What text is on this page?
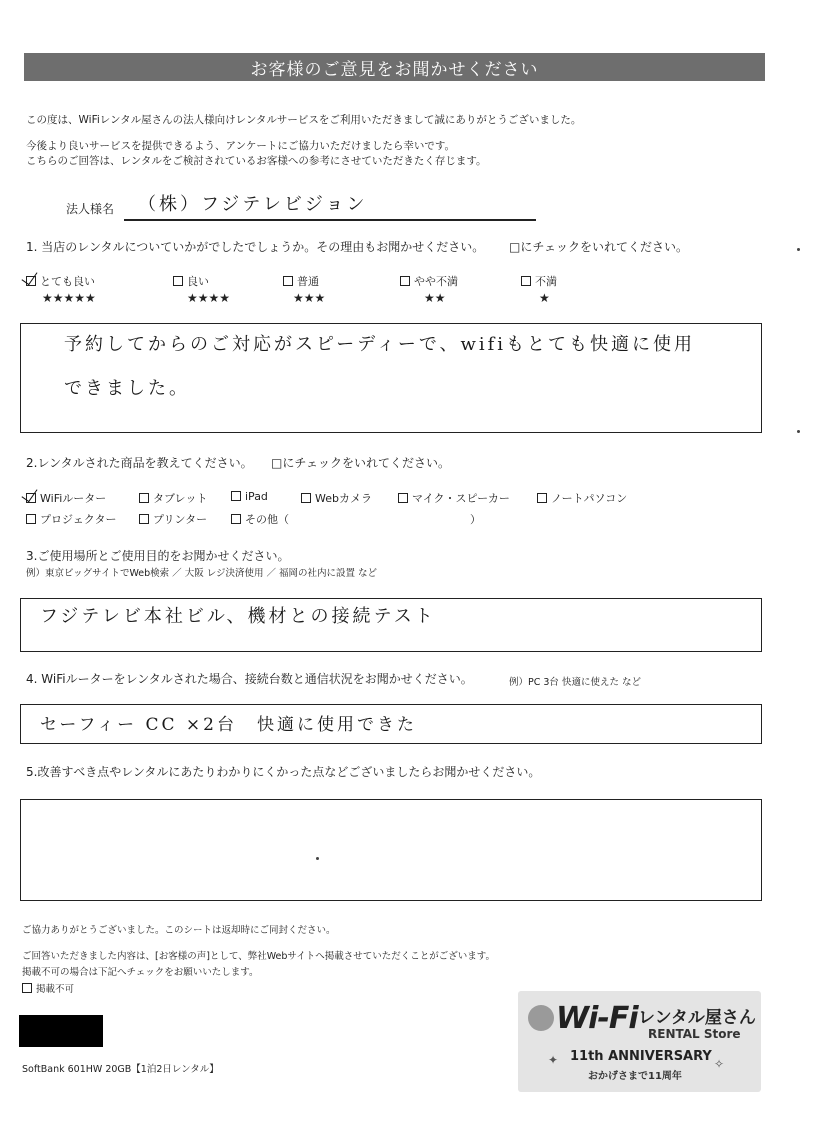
お客様のご意見をお聞かせください
この度は、WiFiレンタル屋さんの法人様向けレンタルサービスをご利用いただきまして誠にありがとうございました。
今後より良いサービスを提供できるよう、アンケートにご協力いただけましたら幸いです。
こちらのご回答は、レンタルをご検討されているお客様への参考にさせていただきたく存じます。
法人様名 （株）フジテレビジョン
1. 当店のレンタルについていかがでしたでしょうか。その理由もお聞かせください。 □にチェックをいれてください。
とても良い
★★★★★
良い
★★★★
普通
★★★
やや不満
★★
不満
★
予約してからのご対応がスピーディーで、wifiもとても快適に使用
できました。
2.レンタルされた商品を教えてください。 □にチェックをいれてください。
WiFiルーター	タブレット	iPad	Webカメラ	マイク・スピーカー	ノートパソコン
プロジェクター	プリンター	その他（	）
3.ご使用場所とご使用目的をお聞かせください。
例）東京ビッグサイトでWeb検索 ／ 大阪 レジ決済使用 ／ 福岡の社内に設置 など
フジテレビ本社ビル、機材との接続テスト
4. WiFiルーターをレンタルされた場合、接続台数と通信状況をお聞かせください。	例）PC 3台 快適に使えた など
セーフィー CC ×2台　快適に使用できた
5.改善すべき点やレンタルにあたりわかりにくかった点などございましたらお聞かせください。
ご協力ありがとうございました。このシートは返却時にご同封ください。
ご回答いただきました内容は、[お客様の声]として、弊社Webサイトへ掲載させていただくことがございます。
掲載不可の場合は下記へチェックをお願いいたします。
掲載不可
SoftBank 601HW 20GB【1泊2日レンタル】
Wi-Fi レンタル屋さん
RENTAL Store
11th ANNIVERSARY
おかげさまで11周年
✦	✧
